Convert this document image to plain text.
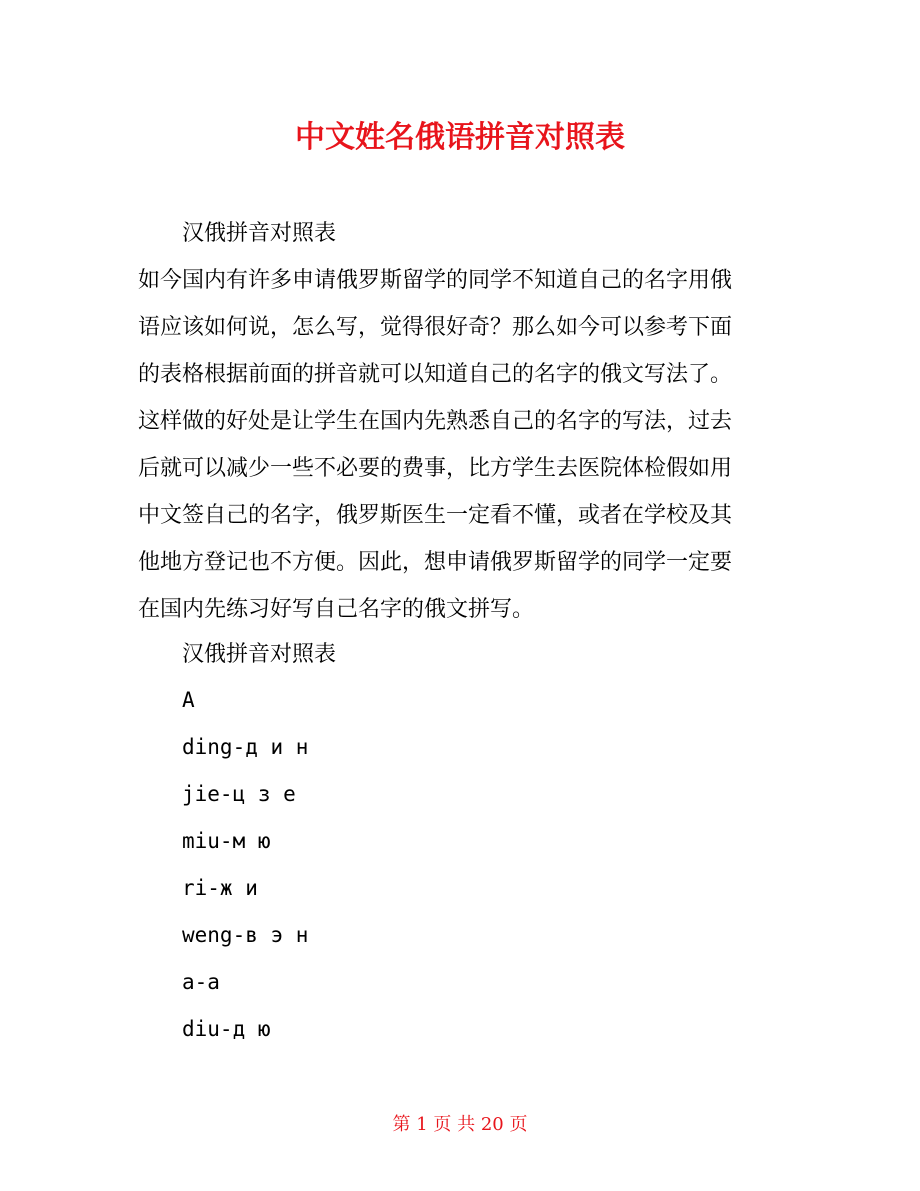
中文姓名俄语拼音对照表

汉俄拼音对照表

如今国内有许多申请俄罗斯留学的同学不知道自己的名字用俄
语应该如何说，怎么写，觉得很好奇？那么如今可以参考下面
的表格根据前面的拼音就可以知道自己的名字的俄文写法了。
这样做的好处是让学生在国内先熟悉自己的名字的写法，过去
后就可以减少一些不必要的费事，比方学生去医院体检假如用
中文签自己的名字，俄罗斯医生一定看不懂，或者在学校及其
他地方登记也不方便。因此，想申请俄罗斯留学的同学一定要
在国内先练习好写自己名字的俄文拼写。

汉俄拼音对照表

A
ding-д и н
jie-ц з е
miu-м ю
ri-ж и
weng-в э н
a-а
diu-д ю
第 1 页 共 20 页
